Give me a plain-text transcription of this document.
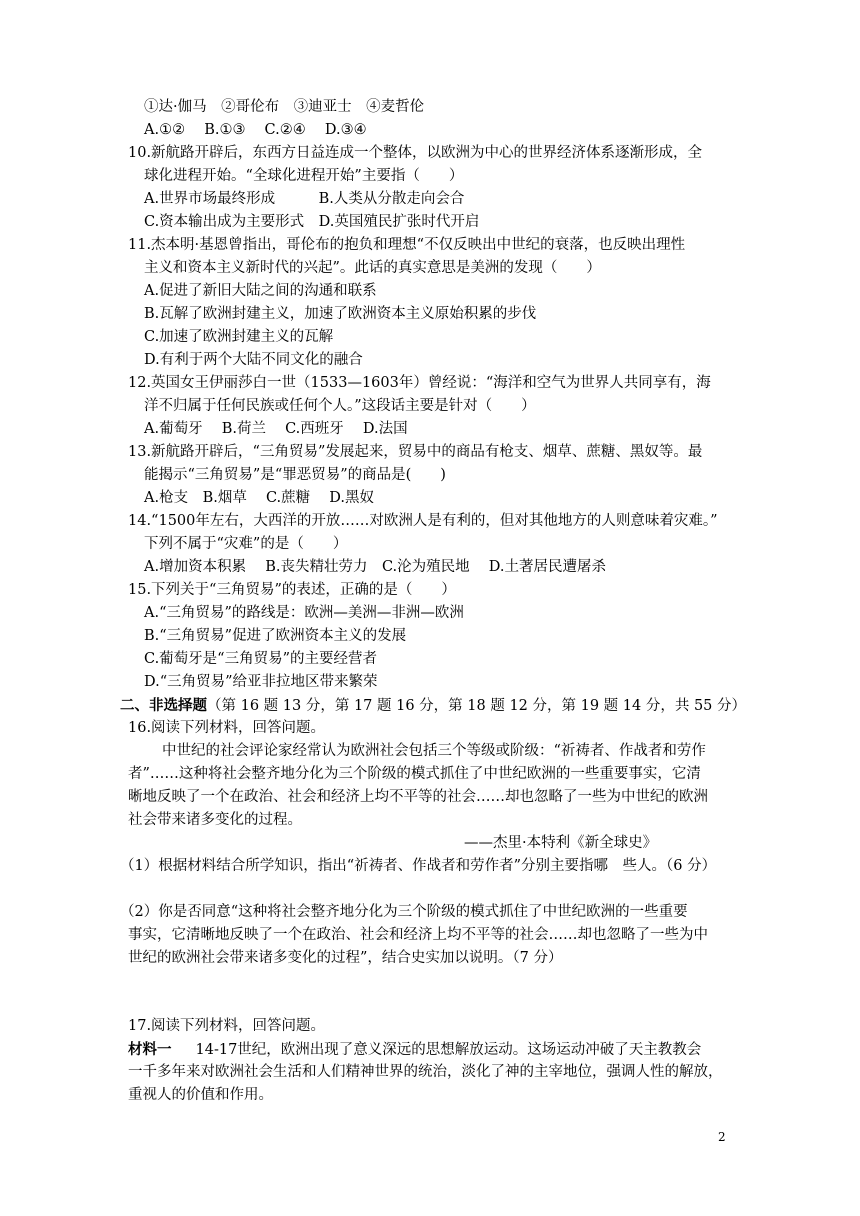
①达·伽马　②哥伦布　③迪亚士　④麦哲伦
A.①②　 B.①③　 C.②④　 D.③④
10.新航路开辟后，东西方日益连成一个整体，以欧洲为中心的世界经济体系逐渐形成，全
球化进程开始。“全球化进程开始”主要指（　　）
A.世界市场最终形成　　　B.人类从分散走向会合
C.资本输出成为主要形式　D.英国殖民扩张时代开启
11.杰本明·基恩曾指出，哥伦布的抱负和理想“不仅反映出中世纪的衰落，也反映出理性
主义和资本主义新时代的兴起”。此话的真实意思是美洲的发现（　　）
A.促进了新旧大陆之间的沟通和联系
B.瓦解了欧洲封建主义，加速了欧洲资本主义原始积累的步伐
C.加速了欧洲封建主义的瓦解
D.有利于两个大陆不同文化的融合
12.英国女王伊丽莎白一世（1533—1603年）曾经说：“海洋和空气为世界人共同享有，海
洋不归属于任何民族或任何个人。”这段话主要是针对（　　）
A.葡萄牙　 B.荷兰　 C.西班牙　 D.法国
13.新航路开辟后，“三角贸易”发展起来，贸易中的商品有枪支、烟草、蔗糖、黑奴等。最
能揭示“三角贸易”是“罪恶贸易”的商品是(　　)
A.枪支　B.烟草　 C.蔗糖　 D.黑奴
14.“1500年左右，大西洋的开放……对欧洲人是有利的，但对其他地方的人则意味着灾难。”
下列不属于“灾难”的是（　　）
A.增加资本积累　 B.丧失精壮劳力　C.沦为殖民地　 D.土著居民遭屠杀
15.下列关于“三角贸易”的表述，正确的是（　　）
A.“三角贸易”的路线是：欧洲—美洲—非洲—欧洲
B.“三角贸易”促进了欧洲资本主义的发展
C.葡萄牙是“三角贸易”的主要经营者
D.“三角贸易”给亚非拉地区带来繁荣
二、非选择题（第 16 题 13 分，第 17 题 16 分，第 18 题 12 分，第 19 题 14 分，共 55 分）
16.阅读下列材料，回答问题。
中世纪的社会评论家经常认为欧洲社会包括三个等级或阶级：“祈祷者、作战者和劳作
者”……这种将社会整齐地分化为三个阶级的模式抓住了中世纪欧洲的一些重要事实，它清
晰地反映了一个在政治、社会和经济上均不平等的社会……却也忽略了一些为中世纪的欧洲
社会带来诸多变化的过程。
——杰里·本特利《新全球史》
（1）根据材料结合所学知识，指出“祈祷者、作战者和劳作者”分别主要指哪　些人。（6 分）
（2）你是否同意“这种将社会整齐地分化为三个阶级的模式抓住了中世纪欧洲的一些重要
事实，它清晰地反映了一个在政治、社会和经济上均不平等的社会……却也忽略了一些为中
世纪的欧洲社会带来诸多变化的过程”，结合史实加以说明。（7 分）
17.阅读下列材料，回答问题。
材料一 14-17世纪，欧洲出现了意义深远的思想解放运动。这场运动冲破了天主教教会
一千多年来对欧洲社会生活和人们精神世界的统治，淡化了神的主宰地位，强调人性的解放，
重视人的价值和作用。
2
